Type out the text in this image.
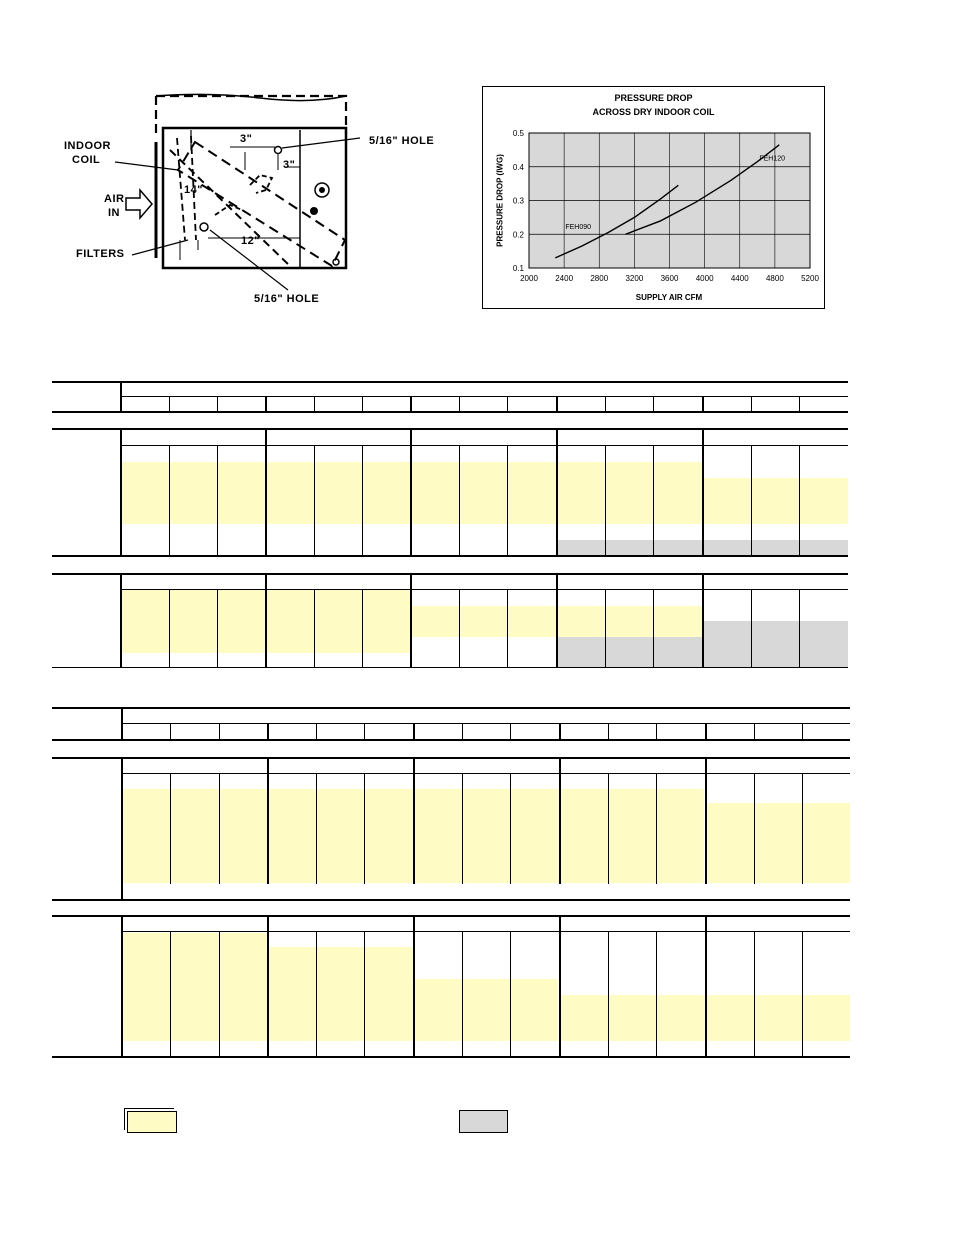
INDOOR
COIL
AIR
IN
FILTERS
5/16" HOLE
5/16" HOLE
3"
3"
14"
12"
PRESSURE DROP
ACROSS DRY INDOOR COIL
FEH090
FEH120
2000 2400 2800 3200 3600 4000 4400 4800 5200
0.1
0.2
0.3
0.4
0.5
SUPPLY AIR CFM
PRESSURE DROP (IWG)
